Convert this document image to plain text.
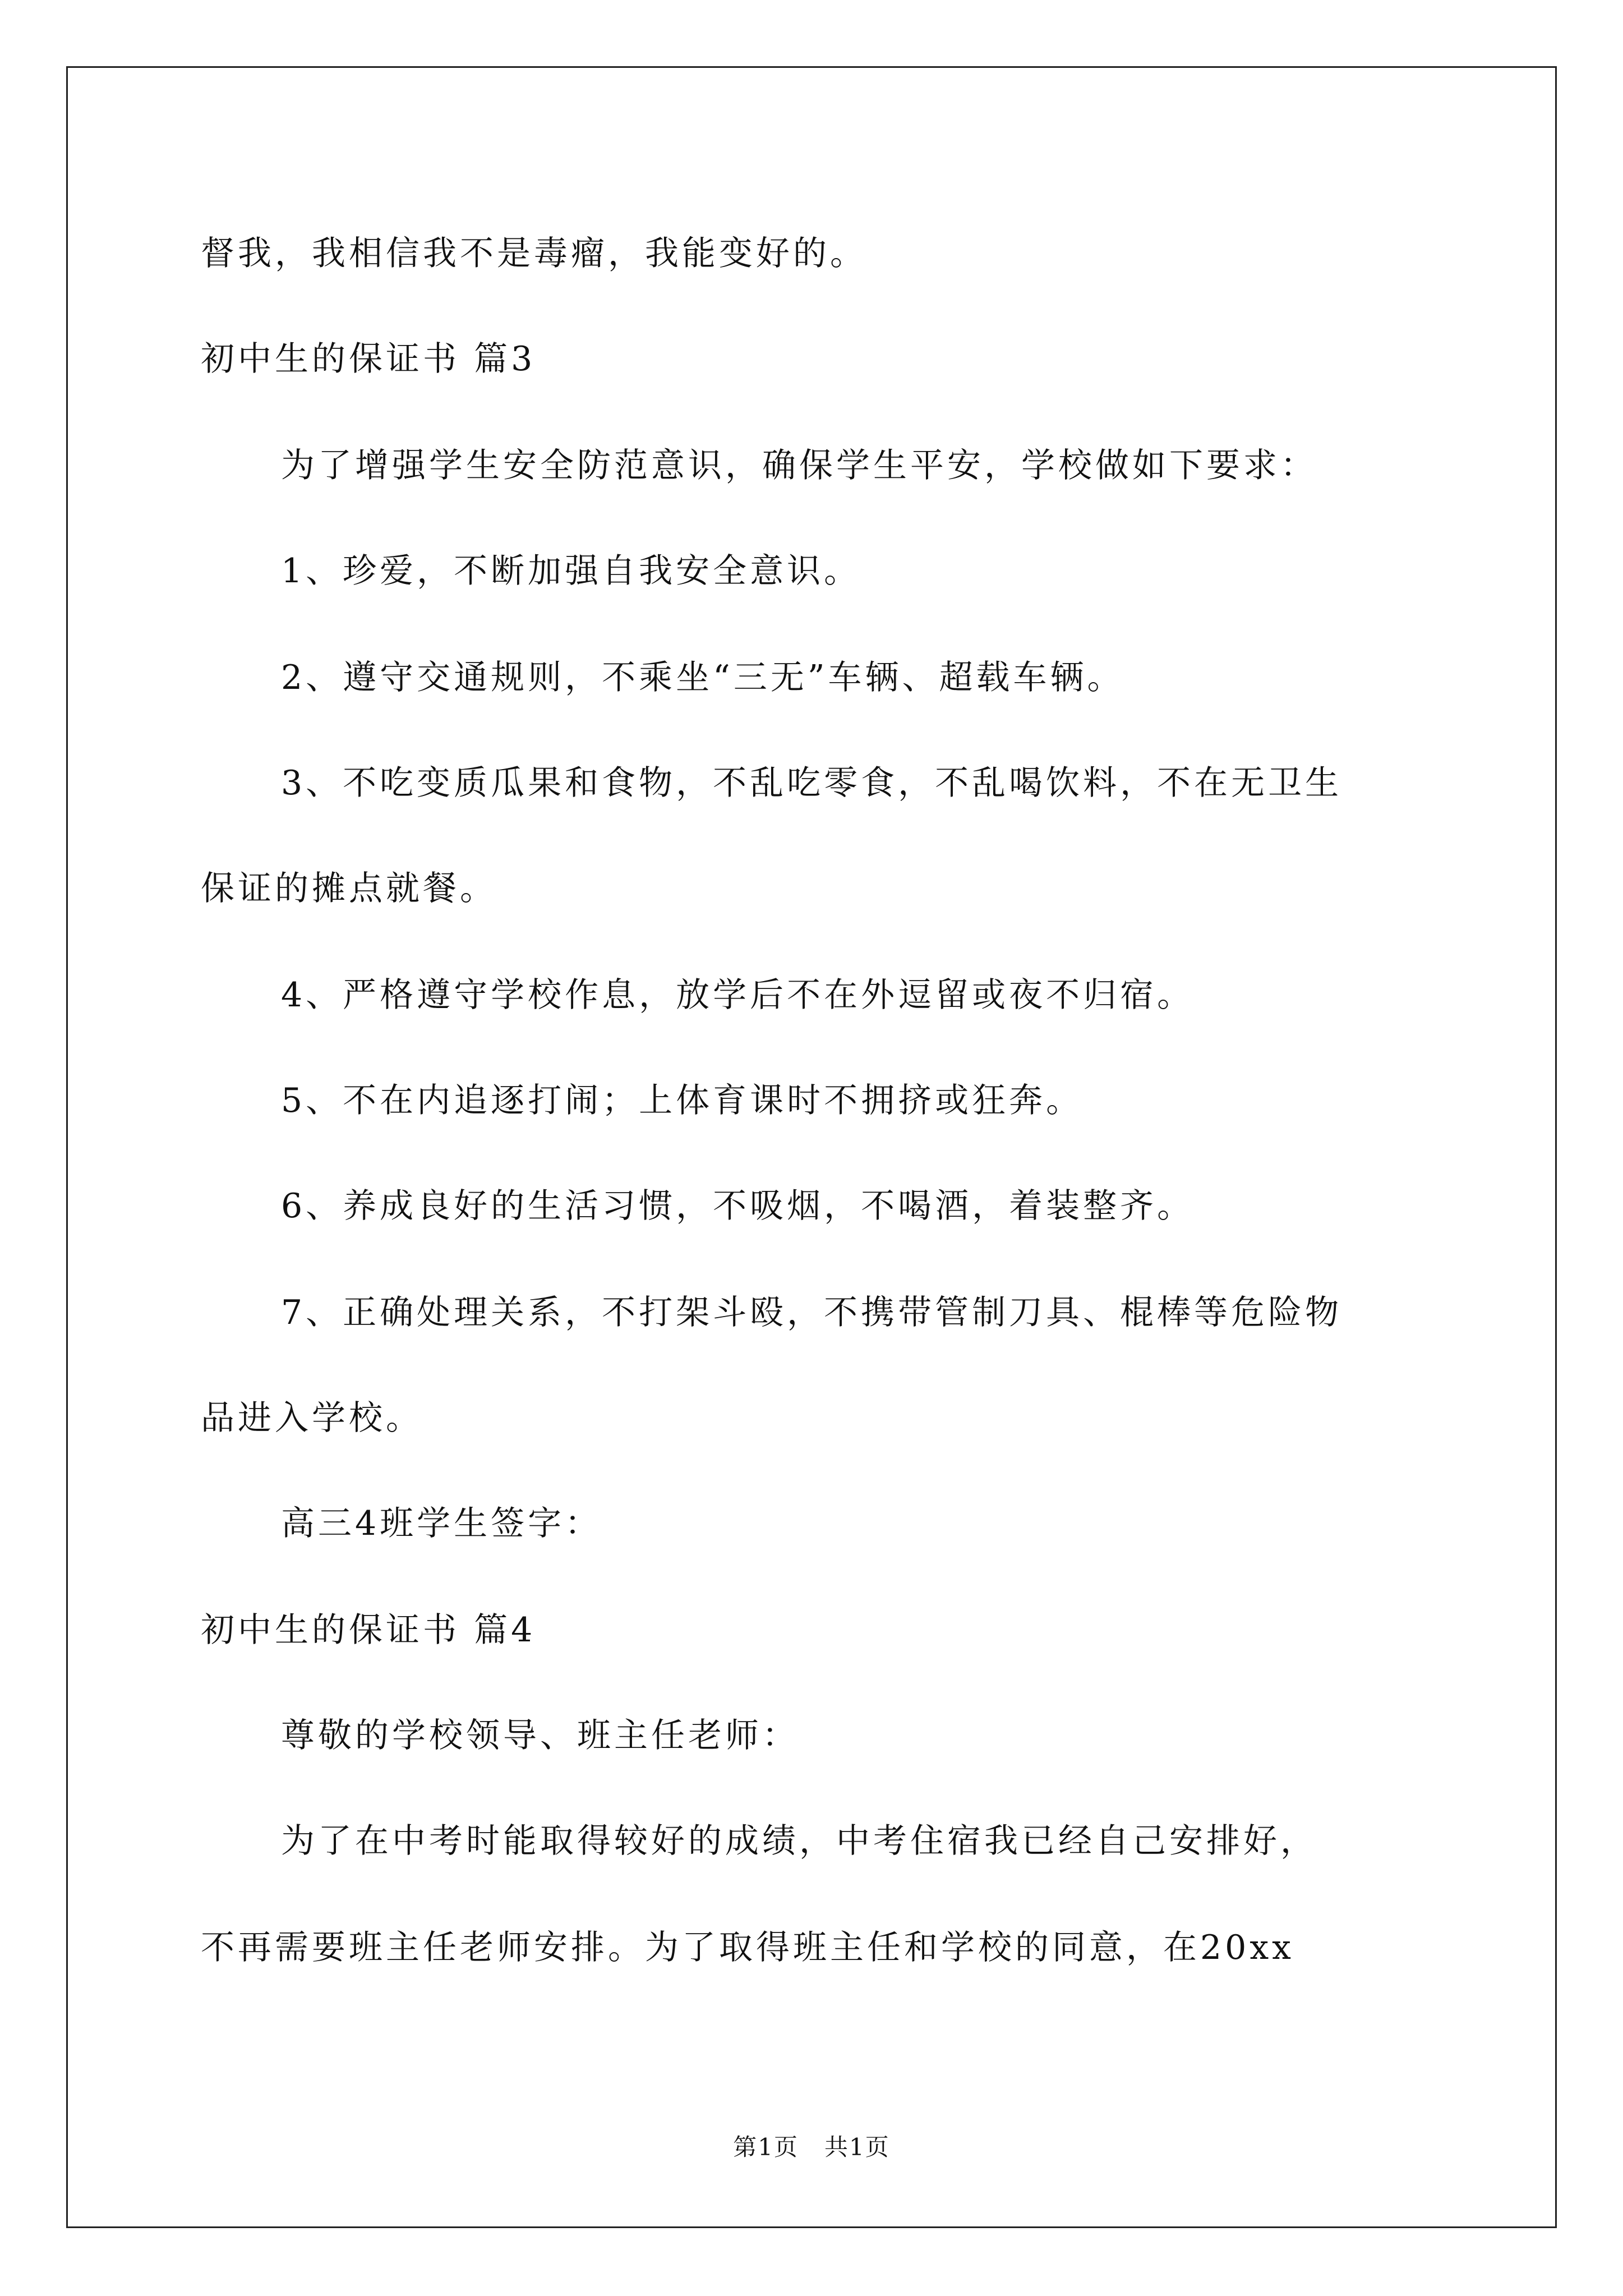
督我，我相信我不是毒瘤，我能变好的。
初中生的保证书 篇3
为了增强学生安全防范意识，确保学生平安，学校做如下要求：
1、珍爱，不断加强自我安全意识。
2、遵守交通规则，不乘坐“三无”车辆、超载车辆。
3、不吃变质瓜果和食物，不乱吃零食，不乱喝饮料，不在无卫生
保证的摊点就餐。
4、严格遵守学校作息，放学后不在外逗留或夜不归宿。
5、不在内追逐打闹；上体育课时不拥挤或狂奔。
6、养成良好的生活习惯，不吸烟，不喝酒，着装整齐。
7、正确处理关系，不打架斗殴，不携带管制刀具、棍棒等危险物
品进入学校。
高三4班学生签字：
初中生的保证书 篇4
尊敬的学校领导、班主任老师：
为了在中考时能取得较好的成绩，中考住宿我已经自己安排好，
不再需要班主任老师安排。为了取得班主任和学校的同意，在20xx
第1页   共1页
